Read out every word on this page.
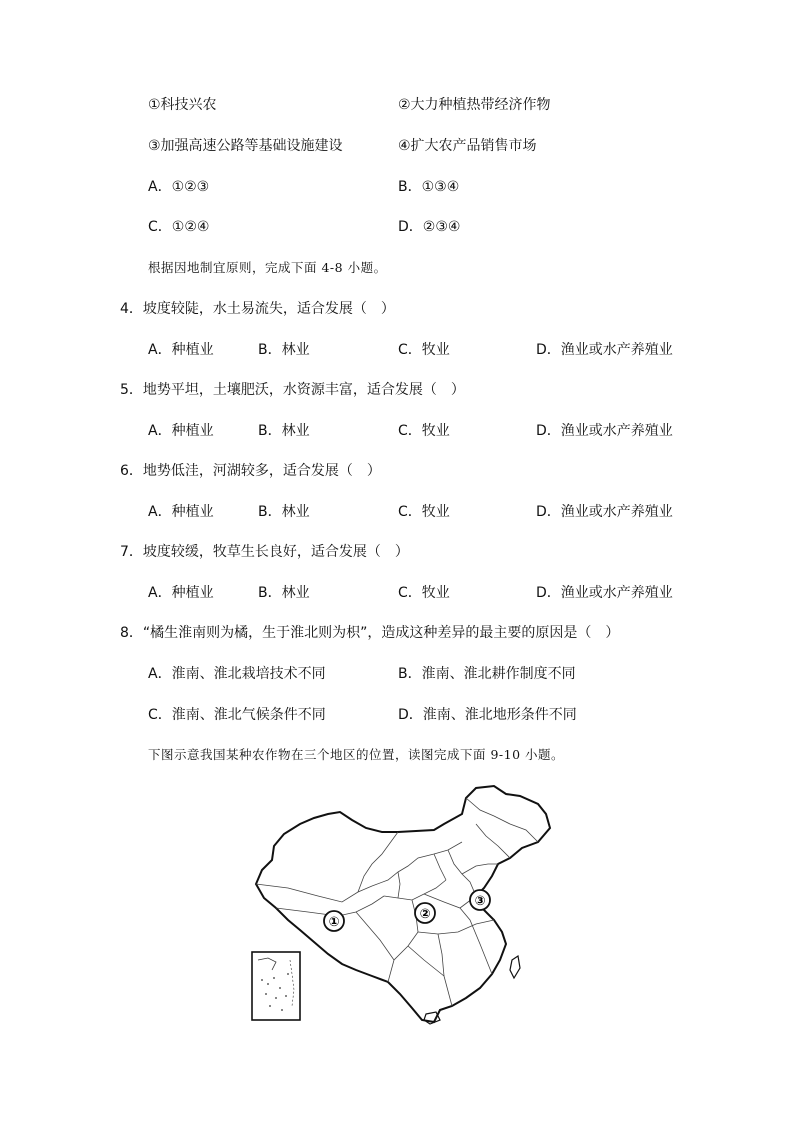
①科技兴农	②大力种植热带经济作物
③加强高速公路等基础设施建设	④扩大农产品销售市场
A．①②③	B．①③④
C．①②④	D．②③④
根据因地制宜原则，完成下面 4-8 小题。
4．坡度较陡，水土易流失，适合发展（　）
A．种植业	B．林业	C．牧业	D．渔业或水产养殖业
5．地势平坦，土壤肥沃，水资源丰富，适合发展（　）
A．种植业	B．林业	C．牧业	D．渔业或水产养殖业
6．地势低洼，河湖较多，适合发展（　）
A．种植业	B．林业	C．牧业	D．渔业或水产养殖业
7．坡度较缓，牧草生长良好，适合发展（　）
A．种植业	B．林业	C．牧业	D．渔业或水产养殖业
8．“橘生淮南则为橘，生于淮北则为枳”，造成这种差异的最主要的原因是（　）
A．淮南、淮北栽培技术不同	B．淮南、淮北耕作制度不同
C．淮南、淮北气候条件不同	D．淮南、淮北地形条件不同
下图示意我国某种农作物在三个地区的位置，读图完成下面 9-10 小题。
①
②
③
